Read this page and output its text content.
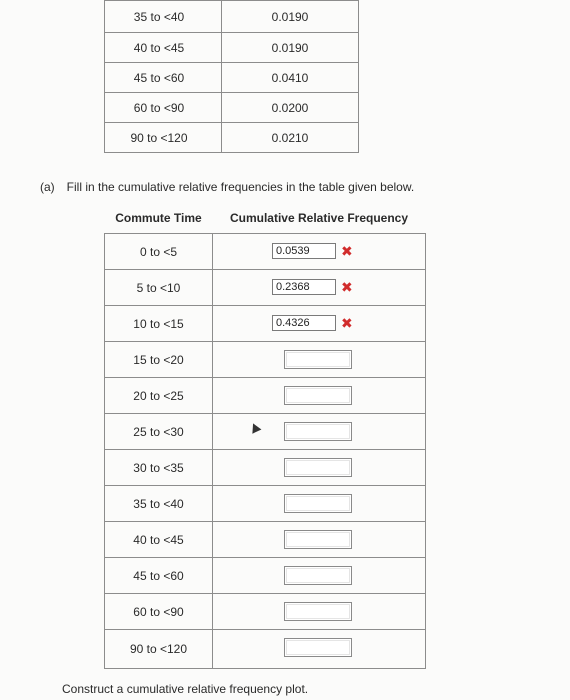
35 to <40	0.0190
40 to <45	0.0190
45 to <60	0.0410
60 to <90	0.0200
90 to <120	0.0210
(a) Fill in the cumulative relative frequencies in the table given below.
Commute Time	Cumulative Relative Frequency
0 to <5	0.0539 ✖

5 to <10	0.2368 ✖

10 to <15	0.4326 ✖

15 to <20	

20 to <25	

25 to <30	

30 to <35	

35 to <40	

40 to <45	

45 to <60	

60 to <90	

90 to <120	
Construct a cumulative relative frequency plot.
